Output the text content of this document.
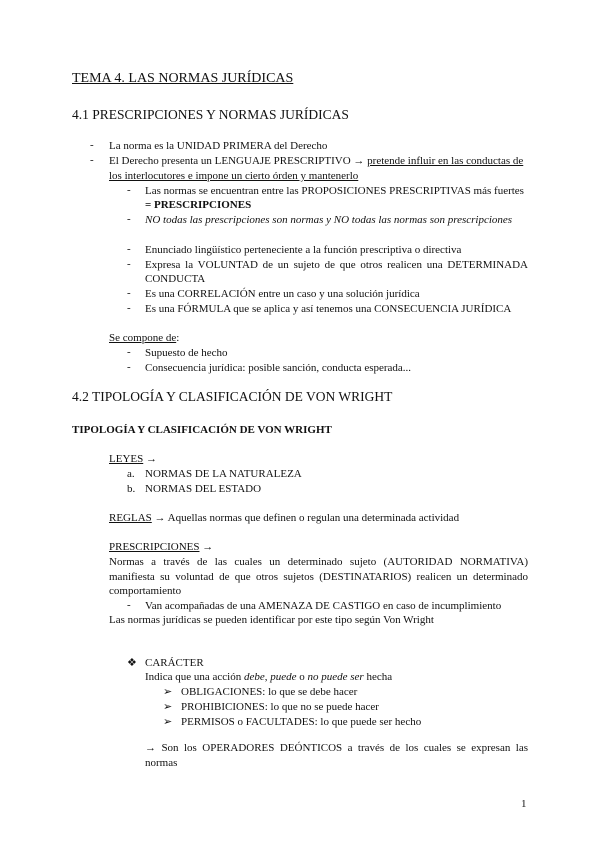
TEMA 4. LAS NORMAS JURÍDICAS
4.1 PRESCRIPCIONES Y NORMAS JURÍDICAS
- La norma es la UNIDAD PRIMERA del Derecho
- El Derecho presenta un LENGUAJE PRESCRIPTIVO → pretende influir en las conductas de
los interlocutores e impone un cierto órden y mantenerlo
- Las normas se encuentran entre las PROPOSICIONES PRESCRIPTIVAS más fuertes
= PRESCRIPCIONES
- NO todas las prescripciones son normas y NO todas las normas son prescripciones
- Enunciado lingüístico perteneciente a la función prescriptiva o directiva
- Expresa la VOLUNTAD de un sujeto de que otros realicen una DETERMINADA
CONDUCTA
- Es una CORRELACIÓN entre un caso y una solución jurídica
- Es una FÓRMULA que se aplica y así tenemos una CONSECUENCIA JURÍDICA
Se compone de:
- Supuesto de hecho
- Consecuencia jurídica: posible sanción, conducta esperada...
4.2 TIPOLOGÍA Y CLASIFICACIÓN DE VON WRIGHT
TIPOLOGÍA Y CLASIFICACIÓN DE VON WRIGHT
LEYES →
a. NORMAS DE LA NATURALEZA
b. NORMAS DEL ESTADO
REGLAS → Aquellas normas que definen o regulan una determinada actividad
PRESCRIPCIONES →
Normas a través de las cuales un determinado sujeto (AUTORIDAD NORMATIVA)
manifiesta su voluntad de que otros sujetos (DESTINATARIOS) realicen un determinado
comportamiento
- Van acompañadas de una AMENAZA DE CASTIGO en caso de incumplimiento
Las normas jurídicas se pueden identificar por este tipo según Von Wright
❖ CARÁCTER
Indica que una acción debe, puede o no puede ser hecha
➢ OBLIGACIONES: lo que se debe hacer
➢ PROHIBICIONES: lo que no se puede hacer
➢ PERMISOS o FACULTADES: lo que puede ser hecho
→ Son los OPERADORES DEÓNTICOS a través de los cuales se expresan las
normas
1
